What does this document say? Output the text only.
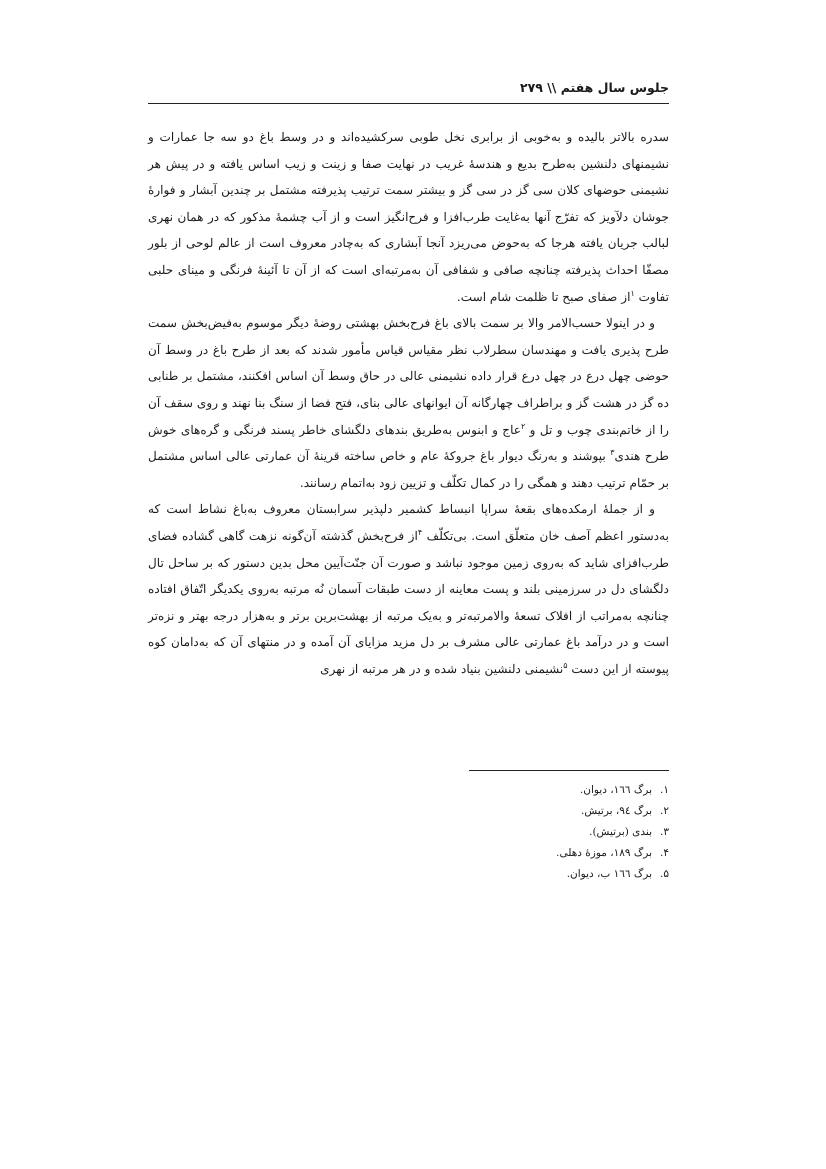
جلوس سال هفتم \\ ۲۷۹

سدره بالاتر بالیده و به‌خوبی از برابری نخل طوبی سرکشیده‌اند و در وسط باغ دو سه جا عمارات و نشیمنهای دلنشین به‌طرح بدیع و هندسهٔ غریب در نهایت صفا و زینت و زیب اساس یافته و در پیش هر نشیمنی حوضهای کلان سی گز در سی گز و بیشتر سمت ترتیب پذیرفته مشتمل بر چندین آبشار و فوارهٔ جوشان دلآویز که تفرّج آنها به‌غایت طرب‌افزا و فرح‌انگیز است و از آب چشمهٔ مذکور که در همان نهری لبالب جریان یافته هرجا که به‌حوض می‌ریزد آنجا آبشاری که به‌چادر معروف است از عالم لوحی از بلور مصفّا احداث پذیرفته چنانچه صافی و شفافی آن به‌مرتبه‌ای است که از آن تا آئینهٔ فرنگی و مینای حلبی تفاوت $^۱$از صفای صبح تا ظلمت شام است.

و در اینولا حسب‌الامر والا بر سمت بالای باغ فرح‌بخش بهشتی روضهٔ دیگر موسوم به‌فیض‌بخش سمت طرح پذیری یافت و مهندسان سطرلاب نظر مقیاس قیاس مأمور شدند که بعد از طرح باغ در وسط آن حوضی چهل درع در چهل درع قرار داده نشیمنی عالی در حاق وسط آن اساس افکنند، مشتمل بر طنابی ده گز در هشت گز و براطراف چهارگانه آن ایوانهای عالی بنای، فتح فضا از سنگ بنا نهند و روی سقف آن را از خاتم‌بندی چوب و تل و $^۲$عاج و ابنوس به‌طریق بندهای دلگشای خاطر پسند فرنگی و گره‌های خوش طرح هندی$^۳$ بپوشند و به‌رنگ دیوار باغ جروکهٔ عام و خاص ساخته قرینهٔ آن عمارتی عالی اساس مشتمل بر حمّام ترتیب دهند و همگی را در کمال تکلّف و تزیین زود به‌اتمام رسانند.

و از جملهٔ ارمکده‌های بقعهٔ سراپا انبساط کشمیر دلپذیر سرابستان معروف به‌باغ نشاط است که به‌دستور اعظم آصف خان متعلّق است. بی‌تکلّف $^۴$از فرح‌بخش گذشته آن‌گونه نزهت گاهی گشاده فضای طرب‌افزای شاید که به‌روی زمین موجود نباشد و صورت آن جنّت‌آیین محل بدین دستور که بر ساحل تال دلگشای دل در سرزمینی بلند و پست معاینه از دست طبقات آسمان نُه مرتبه به‌روی یکدیگر اتّفاق افتاده چنانچه به‌مراتب از افلاک تسعهٔ والامرتبه‌تر و به‌یک مرتبه از بهشت‌برین برتر و به‌هزار درجه بهتر و نزه‌تر است و در درآمد باغ عمارتی عالی مشرف بر دل مزید مزایای آن آمده و در منتهای آن که به‌دامان کوه پیوسته از این دست $^۵$نشیمنی دلنشین بنیاد شده و در هر مرتبه از نهری

۱.برگ ۱٦٦، دیوان.
۲.برگ ۹٤، برتیش.
۳.بندی (برتیش).
۴.برگ ۱۸۹، موزهٔ دهلی.
۵.برگ ۱٦٦ ب، دیوان.
